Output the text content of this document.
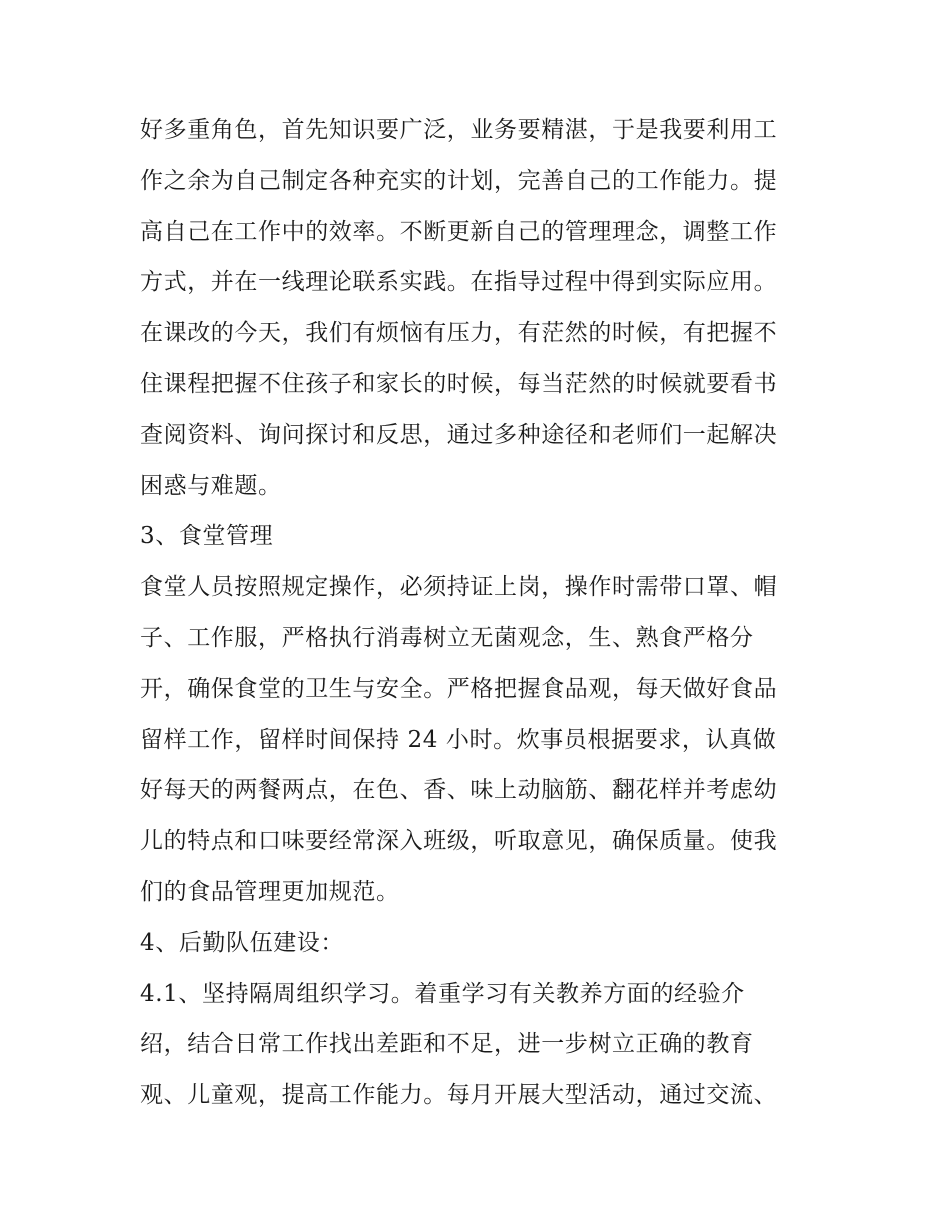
好多重角色，首先知识要广泛，业务要精湛，于是我要利用工
作之余为自己制定各种充实的计划，完善自己的工作能力。提
高自己在工作中的效率。不断更新自己的管理理念，调整工作
方式，并在一线理论联系实践。在指导过程中得到实际应用。
在课改的今天，我们有烦恼有压力，有茫然的时候，有把握不
住课程把握不住孩子和家长的时候，每当茫然的时候就要看书
查阅资料、询问探讨和反思，通过多种途径和老师们一起解决
困惑与难题。
3、食堂管理
食堂人员按照规定操作，必须持证上岗，操作时需带口罩、帽
子、工作服，严格执行消毒树立无菌观念，生、熟食严格分
开，确保食堂的卫生与安全。严格把握食品观，每天做好食品
留样工作，留样时间保持 24 小时。炊事员根据要求，认真做
好每天的两餐两点，在色、香、味上动脑筋、翻花样并考虑幼
儿的特点和口味要经常深入班级，听取意见，确保质量。使我
们的食品管理更加规范。
4、后勤队伍建设：
4.1、坚持隔周组织学习。着重学习有关教养方面的经验介
绍，结合日常工作找出差距和不足，进一步树立正确的教育
观、儿童观，提高工作能力。每月开展大型活动，通过交流、
